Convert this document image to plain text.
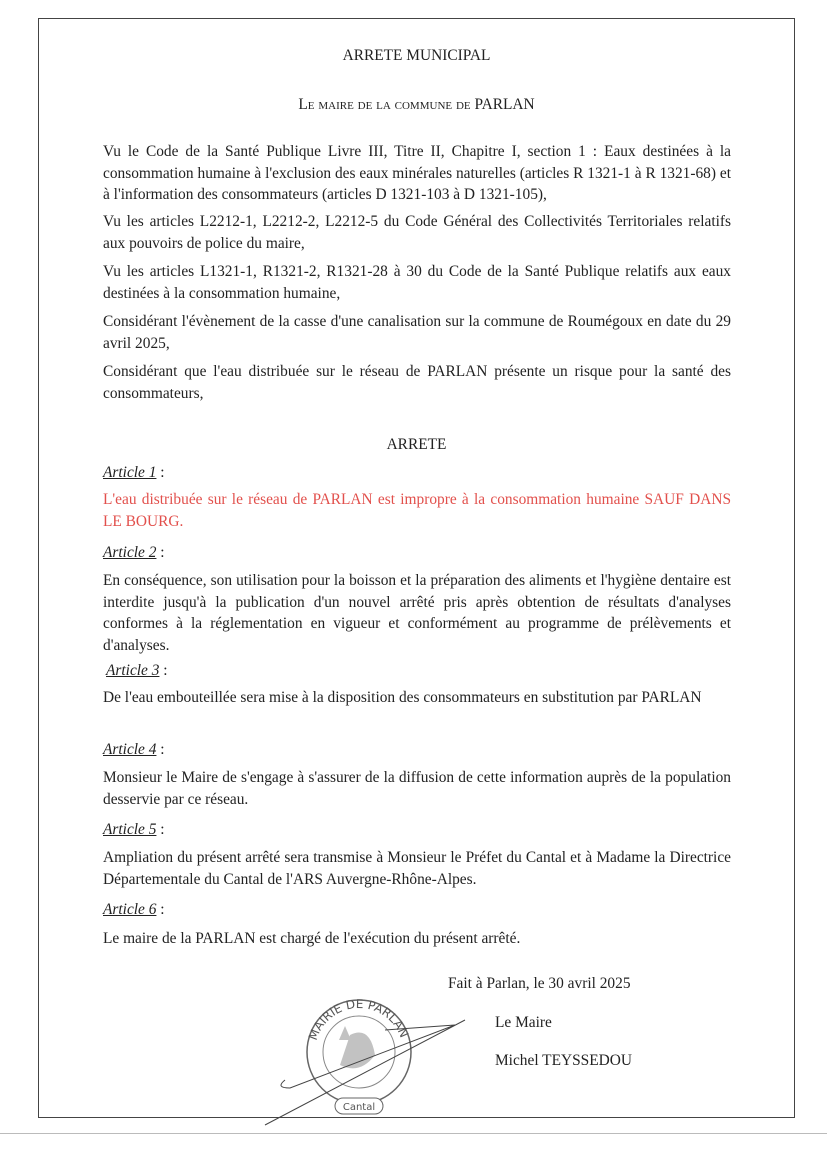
ARRETE MUNICIPAL
Le maire de la commune de PARLAN
Vu le Code de la Santé Publique Livre III, Titre II, Chapitre I, section 1 : Eaux destinées à la consommation humaine à l'exclusion des eaux minérales naturelles (articles R 1321-1 à R 1321-68) et à l'information des consommateurs (articles D 1321-103 à D 1321-105),
Vu les articles L2212-1, L2212-2, L2212-5 du Code Général des Collectivités Territoriales relatifs aux pouvoirs de police du maire,
Vu les articles L1321-1, R1321-2, R1321-28 à 30 du Code de la Santé Publique relatifs aux eaux destinées à la consommation humaine,
Considérant l'évènement de la casse d'une canalisation sur la commune de Roumégoux en date du 29 avril 2025,
Considérant que l'eau distribuée sur le réseau de PARLAN présente un risque pour la santé des consommateurs,
ARRETE
Article 1 :
L'eau distribuée sur le réseau de PARLAN est impropre à la consommation humaine SAUF DANS LE BOURG.
Article 2 :
En conséquence, son utilisation pour la boisson et la préparation des aliments et l'hygiène dentaire est interdite jusqu'à la publication d'un nouvel arrêté pris après obtention de résultats d'analyses conformes à la réglementation en vigueur et conformément au programme de prélèvements et d'analyses.
Article 3 :
De l'eau embouteillée sera mise à la disposition des consommateurs en substitution par PARLAN
Article 4 :
Monsieur le Maire de s'engage à s'assurer de la diffusion de cette information auprès de la population desservie par ce réseau.
Article 5 :
Ampliation du présent arrêté sera transmise à Monsieur le Préfet du Cantal et à Madame la Directrice Départementale du Cantal de l'ARS Auvergne-Rhône-Alpes.
Article 6 :
Le maire de la PARLAN est chargé de l'exécution du présent arrêté.
Fait à Parlan, le 30 avril 2025
Le Maire
Michel TEYSSEDOU
MAIRIE DE PARLAN
Cantal
